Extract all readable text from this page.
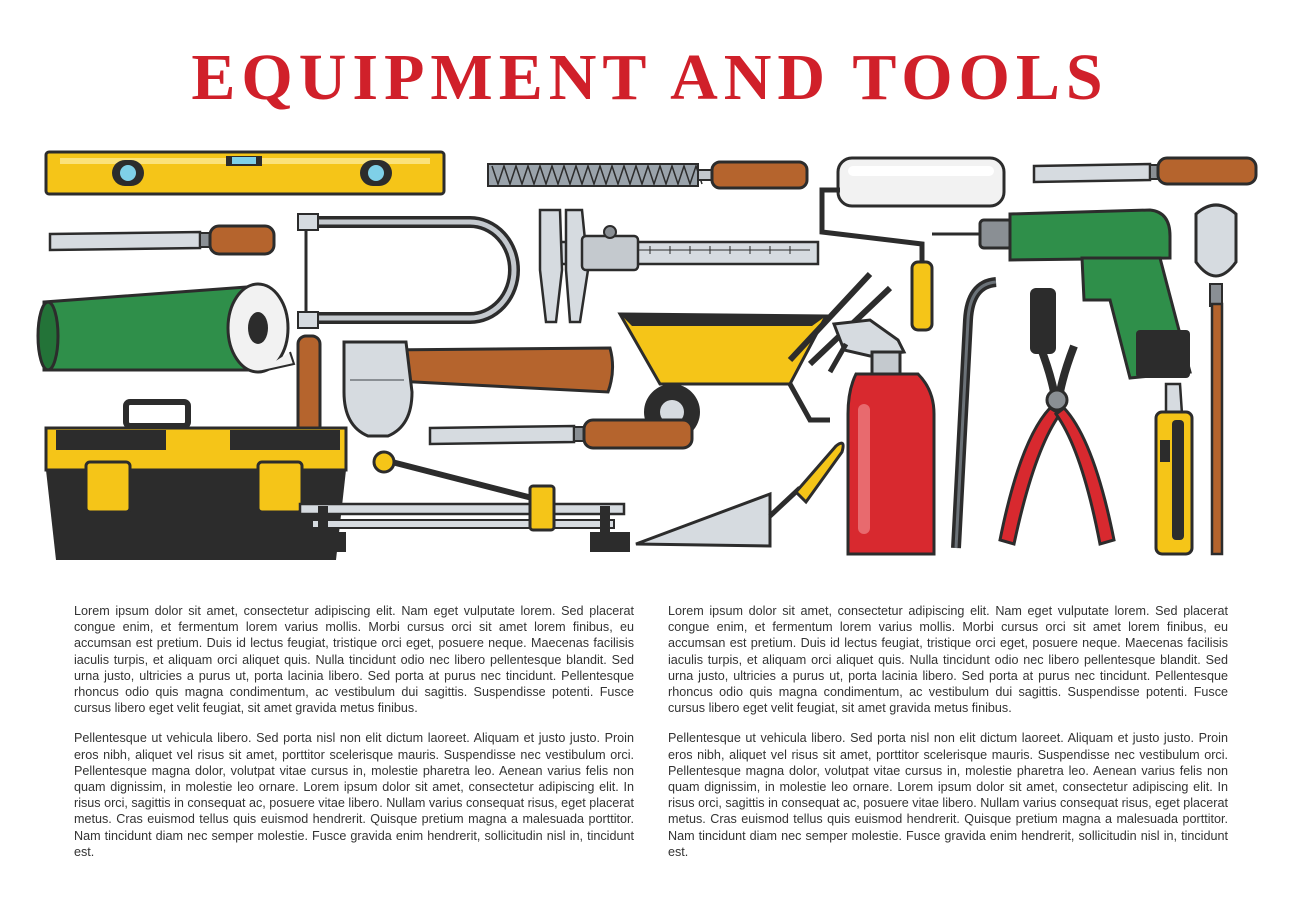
EQUIPMENT AND TOOLS

Lorem ipsum dolor sit amet, consectetur adipiscing elit. Nam eget vulputate lorem. Sed placerat congue enim, et fermentum lorem varius mollis. Morbi cursus orci sit amet lorem finibus, eu accumsan est pretium. Duis id lectus feugiat, tristique orci eget, posuere neque. Maecenas facilisis iaculis turpis, et aliquam orci aliquet quis. Nulla tincidunt odio nec libero pellentesque blandit. Sed urna justo, ultricies a purus ut, porta lacinia libero. Sed porta at purus nec tincidunt. Pellentesque rhoncus odio quis magna condimentum, ac vestibulum dui sagittis. Suspendisse potenti. Fusce cursus libero eget velit feugiat, sit amet gravida metus finibus.

Pellentesque ut vehicula libero. Sed porta nisl non elit dictum laoreet. Aliquam et justo justo. Proin eros nibh, aliquet vel risus sit amet, porttitor scelerisque mauris. Suspendisse nec vestibulum orci. Pellentesque magna dolor, volutpat vitae cursus in, molestie pharetra leo. Aenean varius felis non quam dignissim, in molestie leo ornare. Lorem ipsum dolor sit amet, consectetur adipiscing elit. In risus orci, sagittis in consequat ac, posuere vitae libero. Nullam varius consequat risus, eget placerat metus. Cras euismod tellus quis euismod hendrerit. Quisque pretium magna a malesuada porttitor. Nam tincidunt diam nec semper molestie. Fusce gravida enim hendrerit, sollicitudin nisl in, tincidunt est.

Lorem ipsum dolor sit amet, consectetur adipiscing elit. Nam eget vulputate lorem. Sed placerat congue enim, et fermentum lorem varius mollis. Morbi cursus orci sit amet lorem finibus, eu accumsan est pretium. Duis id lectus feugiat, tristique orci eget, posuere neque. Maecenas facilisis iaculis turpis, et aliquam orci aliquet quis. Nulla tincidunt odio nec libero pellentesque blandit. Sed urna justo, ultricies a purus ut, porta lacinia libero. Sed porta at purus nec tincidunt. Pellentesque rhoncus odio quis magna condimentum, ac vestibulum dui sagittis. Suspendisse potenti. Fusce cursus libero eget velit feugiat, sit amet gravida metus finibus.

Pellentesque ut vehicula libero. Sed porta nisl non elit dictum laoreet. Aliquam et justo justo. Proin eros nibh, aliquet vel risus sit amet, porttitor scelerisque mauris. Suspendisse nec vestibulum orci. Pellentesque magna dolor, volutpat vitae cursus in, molestie pharetra leo. Aenean varius felis non quam dignissim, in molestie leo ornare. Lorem ipsum dolor sit amet, consectetur adipiscing elit. In risus orci, sagittis in consequat ac, posuere vitae libero. Nullam varius consequat risus, eget placerat metus. Cras euismod tellus quis euismod hendrerit. Quisque pretium magna a malesuada porttitor. Nam tincidunt diam nec semper molestie. Fusce gravida enim hendrerit, sollicitudin nisl in, tincidunt est.
